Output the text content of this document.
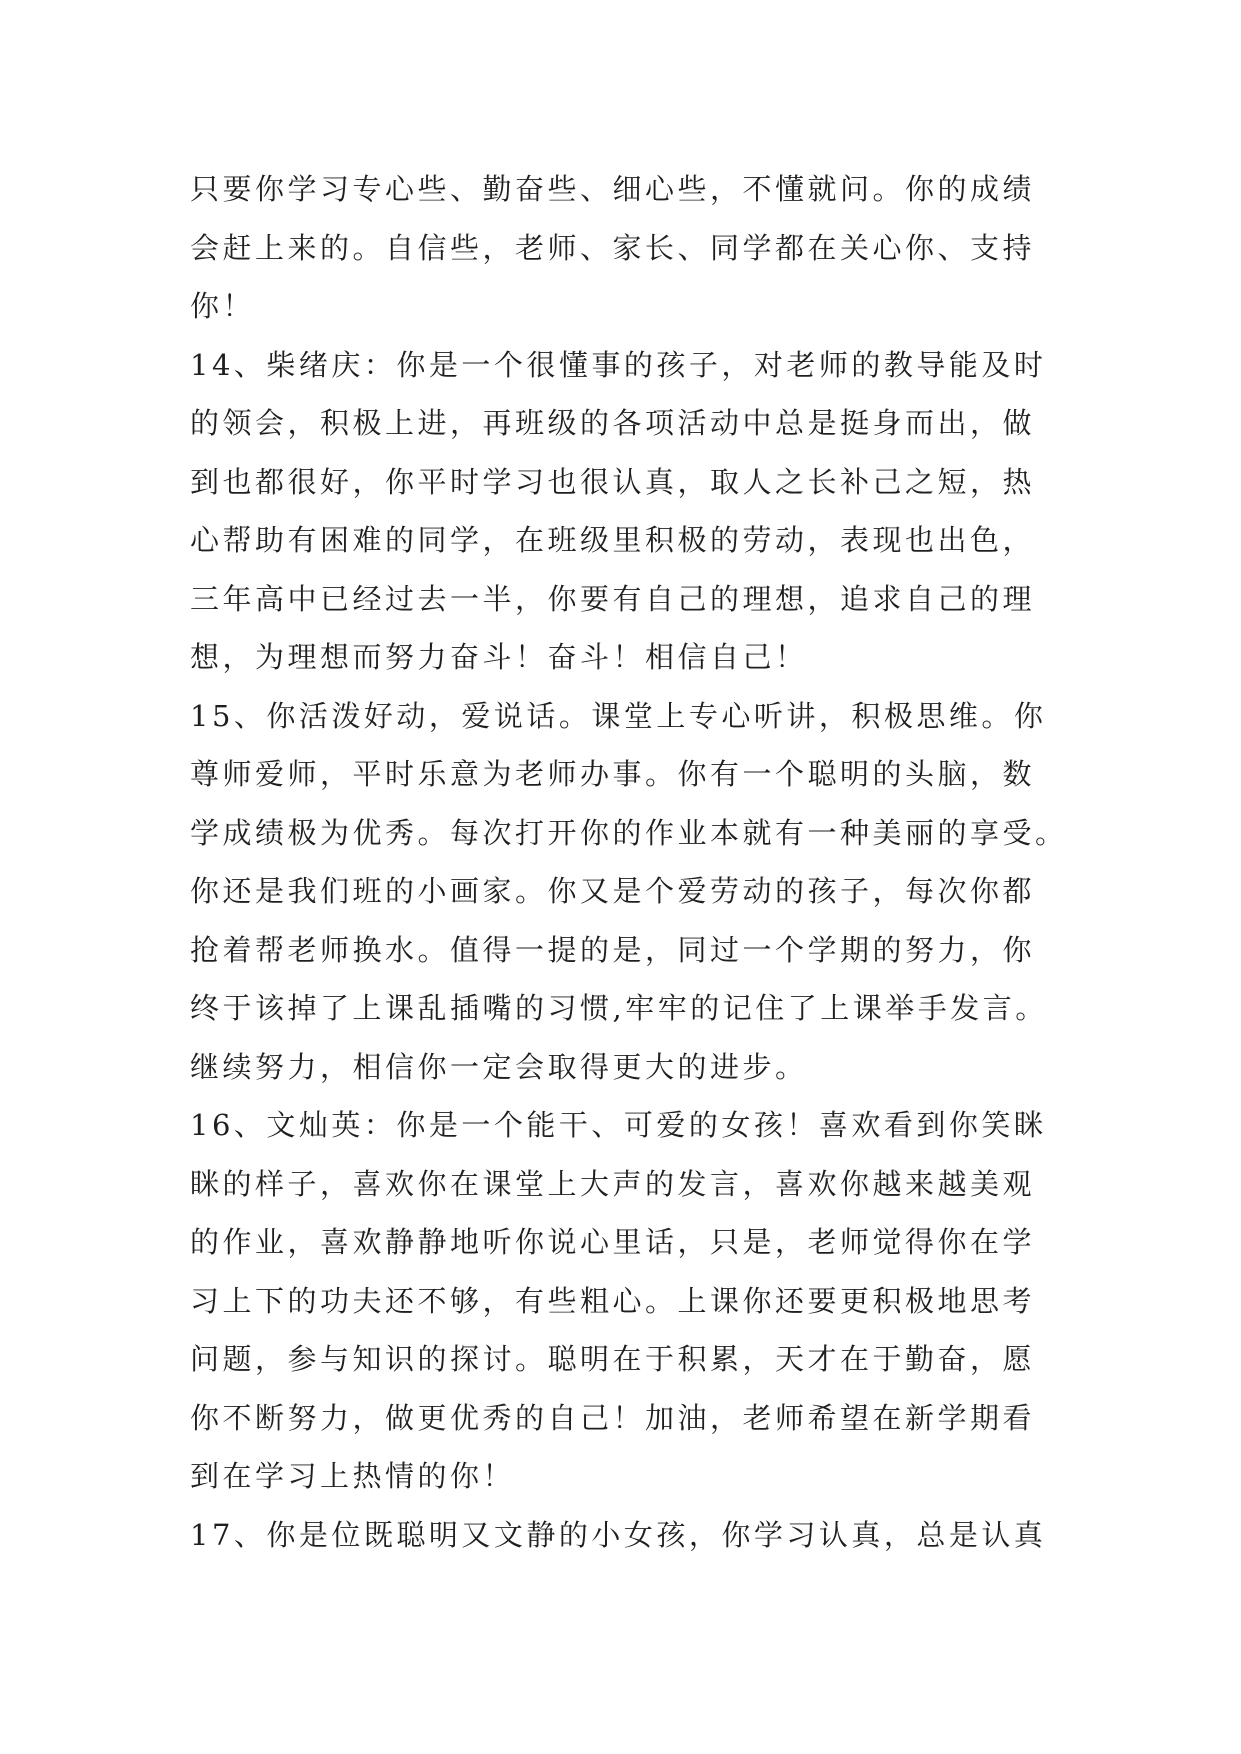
只要你学习专心些、勤奋些、细心些，不懂就问。你的成绩
会赶上来的。自信些，老师、家长、同学都在关心你、支持
你！
14、柴绪庆：你是一个很懂事的孩子，对老师的教导能及时
的领会，积极上进，再班级的各项活动中总是挺身而出，做
到也都很好，你平时学习也很认真，取人之长补己之短，热
心帮助有困难的同学，在班级里积极的劳动，表现也出色，
三年高中已经过去一半，你要有自己的理想，追求自己的理
想，为理想而努力奋斗！奋斗！相信自己！
15、你活泼好动，爱说话。课堂上专心听讲，积极思维。你
尊师爱师，平时乐意为老师办事。你有一个聪明的头脑，数
学成绩极为优秀。每次打开你的作业本就有一种美丽的享受。
你还是我们班的小画家。你又是个爱劳动的孩子，每次你都
抢着帮老师换水。值得一提的是，同过一个学期的努力，你
终于该掉了上课乱插嘴的习惯,牢牢的记住了上课举手发言。
继续努力，相信你一定会取得更大的进步。
16、文灿英：你是一个能干、可爱的女孩！喜欢看到你笑眯
眯的样子，喜欢你在课堂上大声的发言，喜欢你越来越美观
的作业，喜欢静静地听你说心里话，只是，老师觉得你在学
习上下的功夫还不够，有些粗心。上课你还要更积极地思考
问题，参与知识的探讨。聪明在于积累，天才在于勤奋，愿
你不断努力，做更优秀的自己！加油，老师希望在新学期看
到在学习上热情的你！
17、你是位既聪明又文静的小女孩，你学习认真，总是认真
